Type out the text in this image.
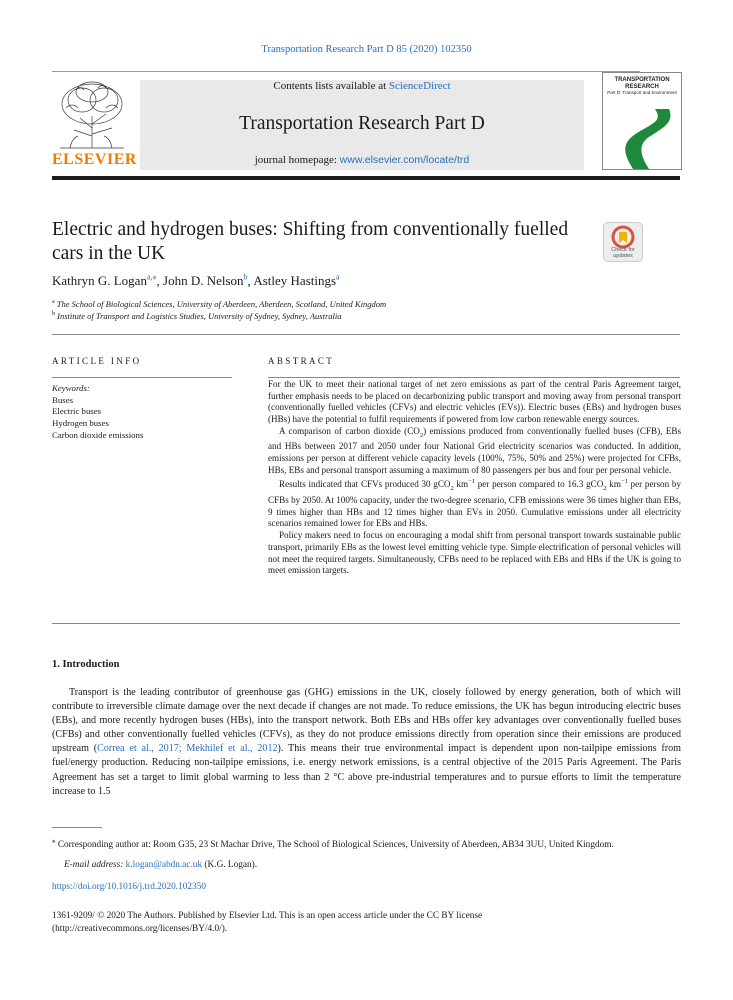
Transportation Research Part D 85 (2020) 102350
ELSEVIER
Contents lists available at ScienceDirect
Transportation Research Part D
journal homepage: www.elsevier.com/locate/trd
TRANSPORTATION RESEARCH
Part D: Transport and Environment
Electric and hydrogen buses: Shifting from conventionally fuelled cars in the UK	Check for updates
Kathryn G. Logan$^{a,⁎}$, John D. Nelson$^b$, Astley Hastings$^a$
$^a$ The School of Biological Sciences, University of Aberdeen, Aberdeen, Scotland, United Kingdom
$^b$ Institute of Transport and Logistics Studies, University of Sydney, Sydney, Australia
ARTICLE INFO	ABSTRACT
Keywords:
Buses
Electric buses
Hydrogen buses
Carbon dioxide emissions

For the UK to meet their national target of net zero emissions as part of the central Paris Agreement target, further emphasis needs to be placed on decarbonizing public transport and moving away from personal transport (conventionally fuelled vehicles (CFVs) and electric vehicles (EVs)). Electric buses (EBs) and hydrogen buses (HBs) have the potential to fulfil requirements if powered from low carbon renewable energy sources.

A comparison of carbon dioxide $(CO_2)$ emissions produced from conventionally fuelled buses (CFB), EBs and HBs between 2017 and 2050 under four National Grid electricity scenarios was conducted. In addition, emissions per person at different vehicle capacity levels (100%, 75%, 50% and 25%) were projected for CFBs, HBs, EBs and personal transport assuming a maximum of 80 passengers per bus and four per personal vehicle.

Results indicated that CFVs produced 30 gCO$_2$ $km^{-1}$ per person compared to 16.3 gCO$_2$ $km^{-1}$ per person by CFBs by 2050. At 100% capacity, under the two-degree scenario, CFB emissions were 36 times higher than EBs, 9 times higher than HBs and 12 times higher than EVs in 2050. Cumulative emissions under all electricity scenarios remained lower for EBs and HBs.

Policy makers need to focus on encouraging a modal shift from personal transport towards sustainable public transport, primarily EBs as the lowest level emitting vehicle type. Simple electrification of personal vehicles will not meet the required targets. Simultaneously, CFBs need to be replaced with EBs and HBs if the UK is going to meet emission targets.

1. Introduction
Transport is the leading contributor of greenhouse gas (GHG) emissions in the UK, closely followed by energy generation, both of which will contribute to irreversible climate damage over the next decade if changes are not made. To reduce emissions, the UK has begun introducing electric buses (EBs), and more recently hydrogen buses (HBs), into the transport network. Both EBs and HBs offer key advantages over conventionally fuelled buses (CFBs) and other conventionally fuelled vehicles (CFVs), as they do not produce emissions directly from operation since their emissions are produced upstream (Correa et al., 2017; Mekhilef et al., 2012). This means their true environmental impact is dependent upon non-tailpipe emissions from fuel/energy production. Reducing non-tailpipe emissions, i.e. energy network emissions, is a central objective of the 2015 Paris Agreement. The Paris Agreement has set a target to limit global warming to less than 2 °C above pre-industrial temperatures and to pursue efforts to limit the temperature increase to 1.5
⁎ Corresponding author at: Room G35, 23 St Machar Drive, The School of Biological Sciences, University of Aberdeen, AB34 3UU, United Kingdom.
E-mail address: k.logan@abdn.ac.uk (K.G. Logan).
https://doi.org/10.1016/j.trd.2020.102350
1361-9209/ © 2020 The Authors. Published by Elsevier Ltd. This is an open access article under the CC BY license
(http://creativecommons.org/licenses/BY/4.0/).
